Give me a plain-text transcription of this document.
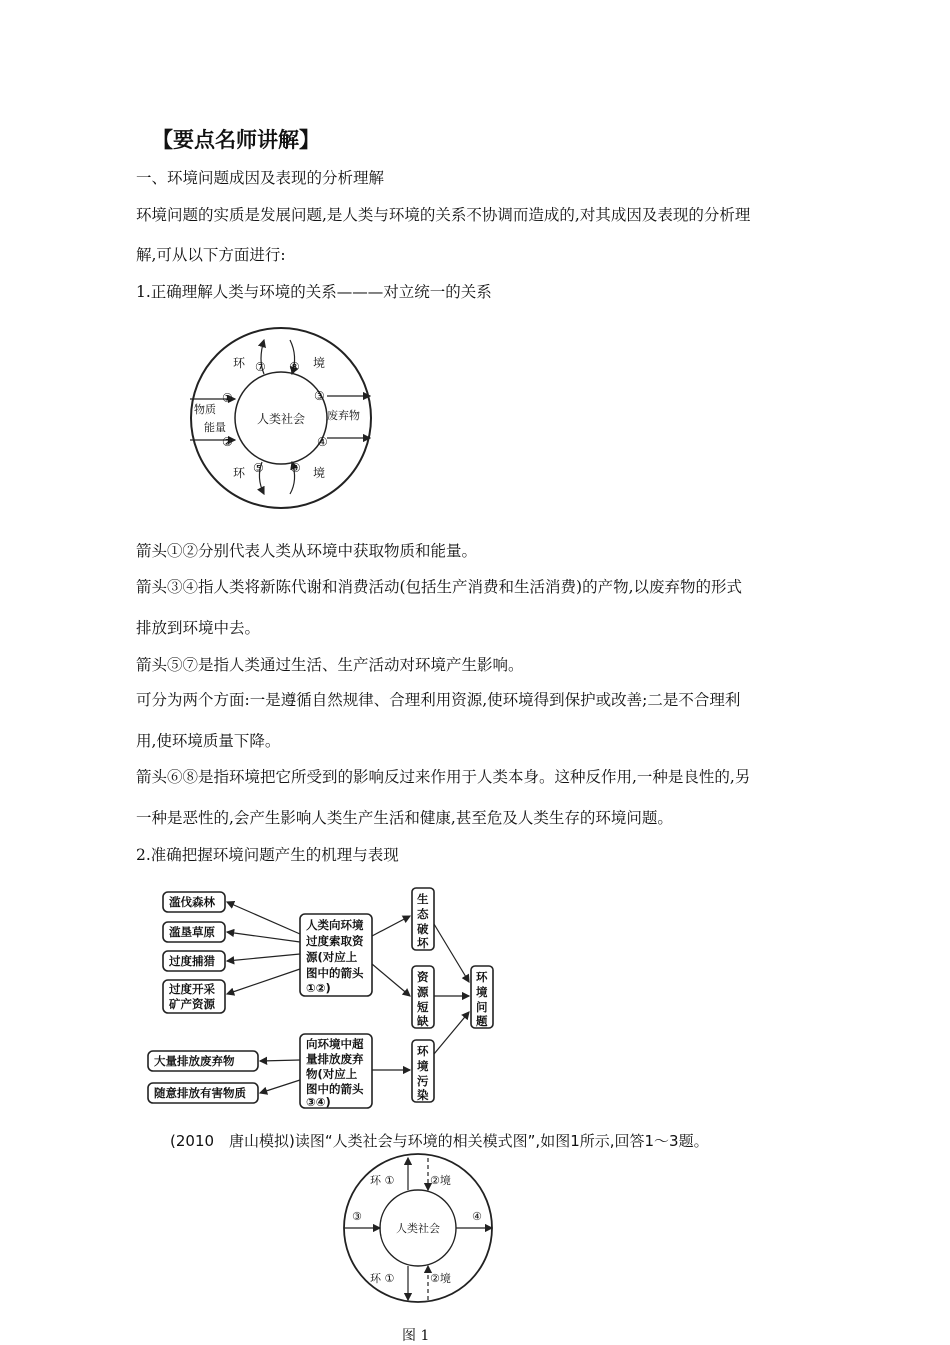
【要点名师讲解】
一、环境问题成因及表现的分析理解
环境问题的实质是发展问题,是人类与环境的关系不协调而造成的,对其成因及表现的分析理
解,可从以下方面进行:
1.正确理解人类与环境的关系———对立统一的关系
人类社会
环	境
环	境
物质
能量
废弃物
①
②
③
④
⑤ ⑥
⑦ ⑧
箭头①②分别代表人类从环境中获取物质和能量。
箭头③④指人类将新陈代谢和消费活动(包括生产消费和生活消费)的产物,以废弃物的形式
排放到环境中去。
箭头⑤⑦是指人类通过生活、生产活动对环境产生影响。
可分为两个方面:一是遵循自然规律、合理利用资源,使环境得到保护或改善;二是不合理利
用,使环境质量下降。
箭头⑥⑧是指环境把它所受到的影响反过来作用于人类本身。这种反作用,一种是良性的,另
一种是恶性的,会产生影响人类生产生活和健康,甚至危及人类生存的环境问题。
2.准确把握环境问题产生的机理与表现
滥伐森林
滥垦草原
过度捕猎
过度开采
矿产资源
人类向环境
过度索取资
源(对应上
图中的箭头
①②)
生
态
破
坏
资
源
短
缺
环
境
问
题
大量排放废弃物
随意排放有害物质
向环境中超
量排放废弃
物(对应上
图中的箭头
③④)
环
境
污
染
(2010　唐山模拟)读图“人类社会与环境的相关模式图”,如图1所示,回答1～3题。
人类社会
环 ①	②境
环 ①	②境
③	④
图 1
